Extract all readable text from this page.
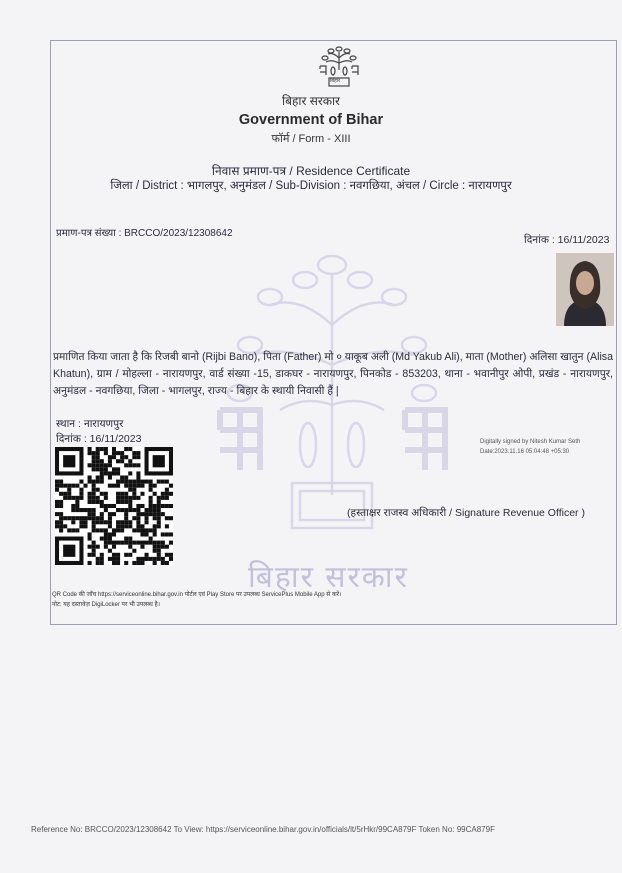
बिहार
बिहार सरकार
बिहार सरकार
Government of Bihar
फॉर्म / Form - XIII
निवास प्रमाण-पत्र / Residence Certificate
जिला / District : भागलपुर, अनुमंडल / Sub-Division : नवगछिया, अंचल / Circle : नारायणपुर
प्रमाण-पत्र संख्या : BRCCO/2023/12308642
दिनांक : 16/11/2023
प्रमाणित किया जाता है कि रिजबी बानो (Rijbi Bano), पिता (Father) मो ० याकूब अली (Md Yakub Ali), माता (Mother) अलिसा खातुन (Alisa Khatun), ग्राम / मोहल्ला - नारायणपुर, वार्ड संख्या -15, डाकघर - नारायणपुर, पिनकोड - 853203, थाना - भवानीपुर ओपी, प्रखंड - नारायणपुर, अनुमंडल - नवगछिया, जिला - भागलपुर, राज्य - बिहार के स्थायी निवासी हैं |
स्थान : नारायणपुर
दिनांक : 16/11/2023	Digitally signed by Nitesh Kumar Seth
Date:2023.11.16 05:04:48 +05:30
(हस्ताक्षर राजस्व अधिकारी / Signature Revenue Officer )
QR Code की जाँच https://serviceonline.bihar.gov.in पोर्टल एवं Play Store पर उपलब्ध ServicePlus Mobile App से करें।
नोट: यह दस्तावेज़ DigiLocker पर भी उपलब्ध है।
Reference No: BRCCO/2023/12308642 To View: https://serviceonline.bihar.gov.in/officials/lt/5rHkr/99CA879F Token No: 99CA879F
